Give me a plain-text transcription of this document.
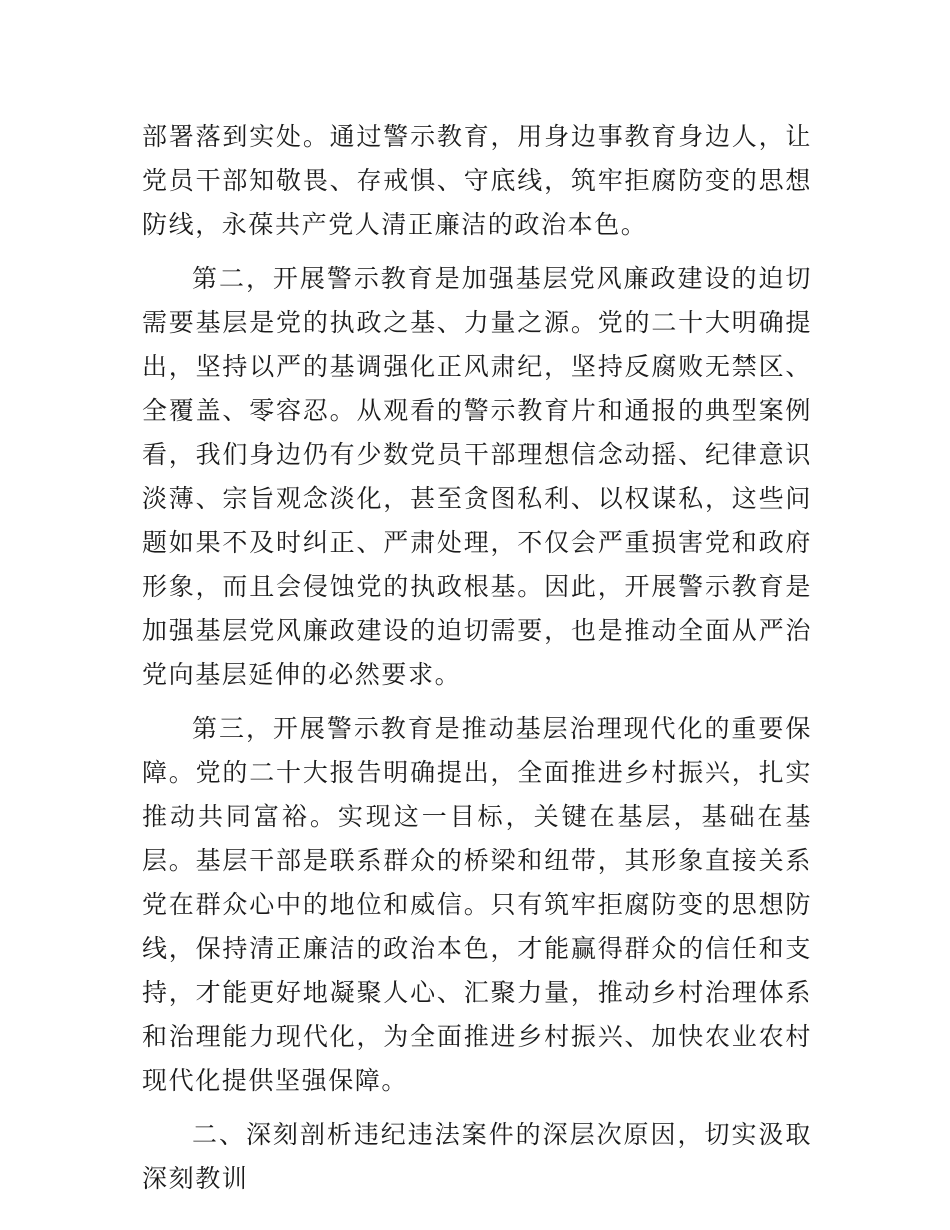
部署落到实处。通过警示教育，用身边事教育身边人，让党员干部知敬畏、存戒惧、守底线，筑牢拒腐防变的思想防线，永葆共产党人清正廉洁的政治本色。

第二，开展警示教育是加强基层党风廉政建设的迫切需要基层是党的执政之基、力量之源。党的二十大明确提出，坚持以严的基调强化正风肃纪，坚持反腐败无禁区、全覆盖、零容忍。从观看的警示教育片和通报的典型案例看，我们身边仍有少数党员干部理想信念动摇、纪律意识淡薄、宗旨观念淡化，甚至贪图私利、以权谋私，这些问题如果不及时纠正、严肃处理，不仅会严重损害党和政府形象，而且会侵蚀党的执政根基。因此，开展警示教育是加强基层党风廉政建设的迫切需要，也是推动全面从严治党向基层延伸的必然要求。

第三，开展警示教育是推动基层治理现代化的重要保障。党的二十大报告明确提出，全面推进乡村振兴，扎实推动共同富裕。实现这一目标，关键在基层，基础在基层。基层干部是联系群众的桥梁和纽带，其形象直接关系党在群众心中的地位和威信。只有筑牢拒腐防变的思想防线，保持清正廉洁的政治本色，才能赢得群众的信任和支持，才能更好地凝聚人心、汇聚力量，推动乡村治理体系和治理能力现代化，为全面推进乡村振兴、加快农业农村现代化提供坚强保障。

二、深刻剖析违纪违法案件的深层次原因，切实汲取深刻教训
